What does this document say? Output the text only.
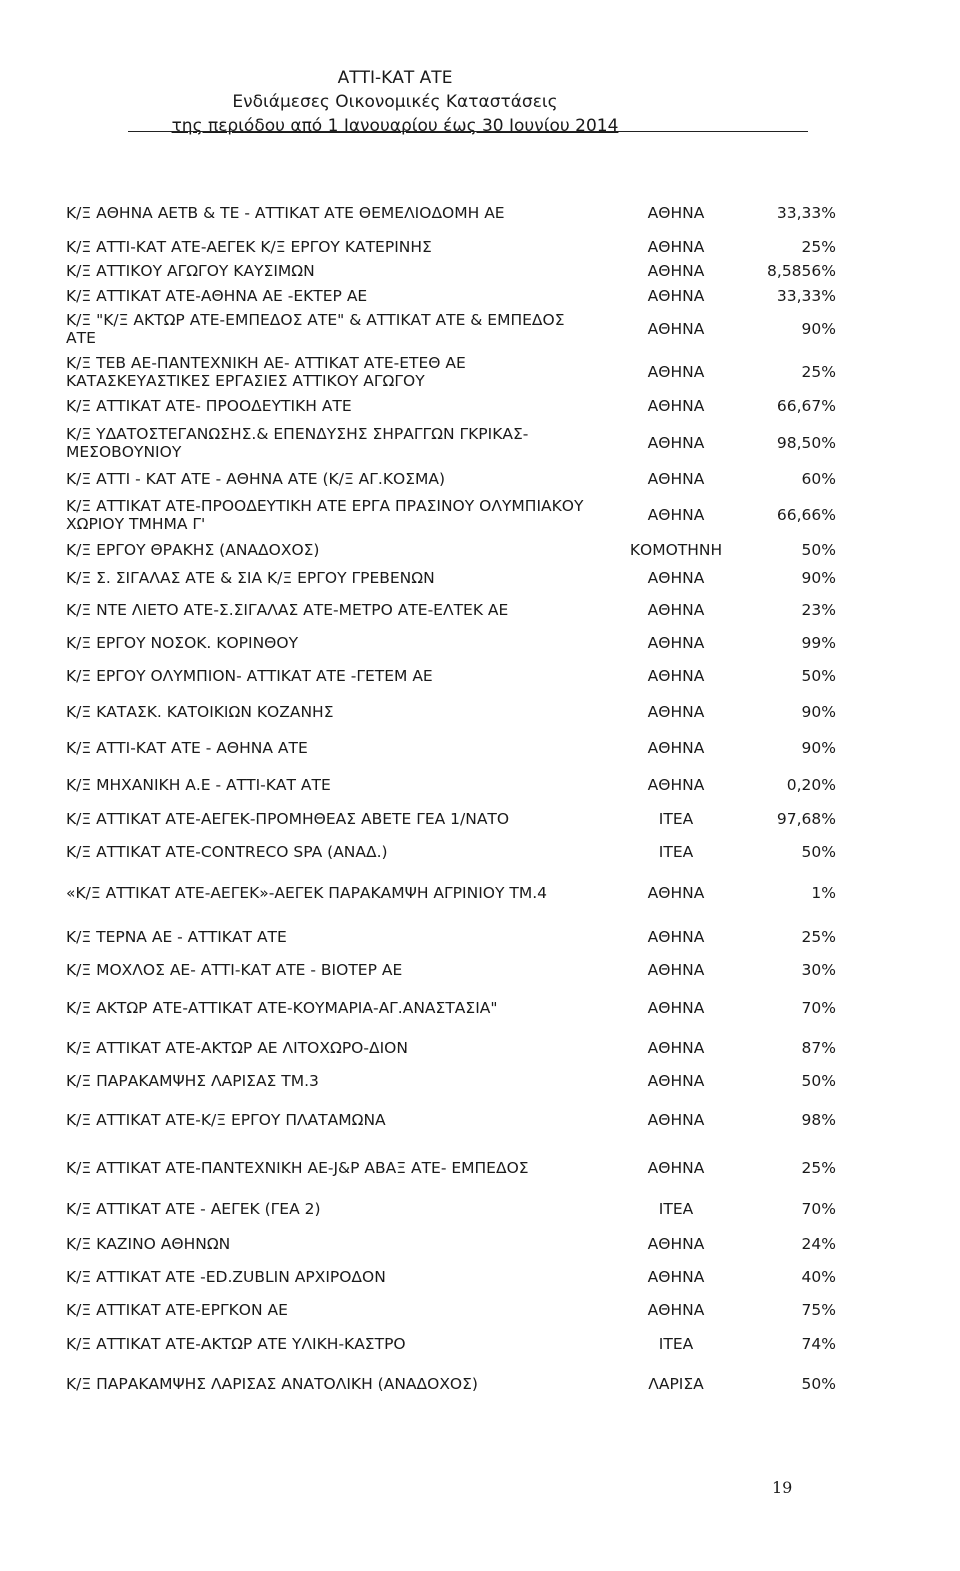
ΑΤΤΙ-ΚΑΤ ΑΤΕ
Ενδιάμεσες Οικονομικές Καταστάσεις
της περιόδου από 1 Ιανουαρίου έως 30 Ιουνίου 2014
Κ/Ξ ΑΘΗΝΑ ΑΕΤΒ & ΤΕ - ΑΤΤΙΚΑΤ ΑΤΕ ΘΕΜΕΛΙΟΔΟΜΗ ΑΕ	ΑΘΗΝΑ	33,33%
Κ/Ξ ΑΤΤΙ-ΚΑΤ ΑΤΕ-ΑΕΓΕΚ Κ/Ξ ΕΡΓΟΥ ΚΑΤΕΡΙΝΗΣ	ΑΘΗΝΑ	25%
Κ/Ξ ΑΤΤΙΚΟΥ ΑΓΩΓΟΥ ΚΑΥΣΙΜΩΝ	ΑΘΗΝΑ	8,5856%
Κ/Ξ ΑΤΤΙΚΑΤ ΑΤΕ-ΑΘΗΝΑ ΑΕ -ΕΚΤΕΡ ΑΕ	ΑΘΗΝΑ	33,33%
Κ/Ξ "Κ/Ξ ΑΚΤΩΡ ΑΤΕ-ΕΜΠΕΔΟΣ ΑΤΕ" & ΑΤΤΙΚΑΤ ΑΤΕ & ΕΜΠΕΔΟΣ ΑΤΕ	ΑΘΗΝΑ	90%
Κ/Ξ ΤΕΒ ΑΕ-ΠΑΝΤΕΧΝΙΚΗ ΑΕ- ΑΤΤΙΚΑΤ ΑΤΕ-ΕΤΕΘ ΑΕ ΚΑΤΑΣΚΕΥΑΣΤΙΚΕΣ ΕΡΓΑΣΙΕΣ ΑΤΤΙΚΟΥ ΑΓΩΓΟΥ	ΑΘΗΝΑ	25%
Κ/Ξ ΑΤΤΙΚΑΤ ΑΤΕ- ΠΡΟΟΔΕΥΤΙΚΗ ΑΤΕ	ΑΘΗΝΑ	66,67%
Κ/Ξ ΥΔΑΤΟΣΤΕΓΑΝΩΣΗΣ.& ΕΠΕΝΔΥΣΗΣ ΣΗΡΑΓΓΩΝ ΓΚΡΙΚΑΣ-ΜΕΣΟΒΟΥΝΙΟΥ	ΑΘΗΝΑ	98,50%
Κ/Ξ ΑΤΤΙ - ΚΑΤ ΑΤΕ - ΑΘΗΝΑ ΑΤΕ (Κ/Ξ ΑΓ.ΚΟΣΜΑ)	ΑΘΗΝΑ	60%
Κ/Ξ ΑΤΤΙΚΑΤ ΑΤΕ-ΠΡΟΟΔΕΥΤΙΚΗ ΑΤΕ ΕΡΓΑ ΠΡΑΣΙΝΟΥ ΟΛΥΜΠΙΑΚΟΥ ΧΩΡΙΟΥ ΤΜΗΜΑ Γ'	ΑΘΗΝΑ	66,66%
Κ/Ξ ΕΡΓΟΥ ΘΡΑΚΗΣ (ΑΝΑΔΟΧΟΣ)	ΚΟΜΟΤΗΝΗ	50%
Κ/Ξ Σ. ΣΙΓΑΛΑΣ ΑΤΕ & ΣΙΑ Κ/Ξ ΕΡΓΟΥ ΓΡΕΒΕΝΩΝ	ΑΘΗΝΑ	90%
Κ/Ξ ΝΤΕ ΛΙΕΤΟ ΑΤΕ-Σ.ΣΙΓΑΛΑΣ ΑΤΕ-ΜΕΤΡΟ ΑΤΕ-ΕΛΤΕΚ ΑΕ	ΑΘΗΝΑ	23%
Κ/Ξ ΕΡΓΟΥ ΝΟΣΟΚ. ΚΟΡΙΝΘΟΥ	ΑΘΗΝΑ	99%
Κ/Ξ ΕΡΓΟΥ ΟΛΥΜΠΙΟΝ- ΑΤΤΙΚΑΤ ΑΤΕ -ΓΕΤΕΜ ΑΕ	ΑΘΗΝΑ	50%
Κ/Ξ ΚΑΤΑΣΚ. ΚΑΤΟΙΚΙΩΝ ΚΟΖΑΝΗΣ	ΑΘΗΝΑ	90%
Κ/Ξ ΑΤΤΙ-ΚΑΤ ΑΤΕ - ΑΘΗΝΑ ΑΤΕ	ΑΘΗΝΑ	90%
Κ/Ξ ΜΗΧΑΝΙΚΗ Α.Ε - ΑΤΤΙ-ΚΑΤ ΑΤΕ	ΑΘΗΝΑ	0,20%
Κ/Ξ ΑΤΤΙΚΑΤ ΑΤΕ-ΑΕΓΕΚ-ΠΡΟΜΗΘΕΑΣ ΑΒΕΤΕ ΓΕΑ 1/ΝΑΤΟ	ΙΤΕΑ	97,68%
Κ/Ξ ΑΤΤΙΚΑΤ ΑΤΕ-CONTRECO SPA (ΑΝΑΔ.)	ΙΤΕΑ	50%
«Κ/Ξ ΑΤΤΙΚΑΤ ΑΤΕ-ΑΕΓΕΚ»-ΑΕΓΕΚ ΠΑΡΑΚΑΜΨΗ ΑΓΡΙΝΙΟΥ ΤΜ.4	ΑΘΗΝΑ	1%
Κ/Ξ ΤΕΡΝΑ ΑΕ - ΑΤΤΙΚΑΤ ΑΤΕ	ΑΘΗΝΑ	25%
Κ/Ξ ΜΟΧΛΟΣ ΑΕ- ΑΤΤΙ-ΚΑΤ ΑΤΕ - ΒΙΟΤΕΡ ΑΕ	ΑΘΗΝΑ	30%
Κ/Ξ ΑΚΤΩΡ ΑΤΕ-ΑΤΤΙΚΑΤ ΑΤΕ-ΚΟΥΜΑΡΙΑ-ΑΓ.ΑΝΑΣΤΑΣΙΑ"	ΑΘΗΝΑ	70%
Κ/Ξ ΑΤΤΙΚΑΤ ΑΤΕ-ΑΚΤΩΡ ΑΕ ΛΙΤΟΧΩΡΟ-ΔΙΟΝ	ΑΘΗΝΑ	87%
Κ/Ξ ΠΑΡΑΚΑΜΨΗΣ ΛΑΡΙΣΑΣ ΤΜ.3	ΑΘΗΝΑ	50%
Κ/Ξ ΑΤΤΙΚΑΤ ΑΤΕ-Κ/Ξ ΕΡΓΟΥ ΠΛΑΤΑΜΩΝΑ	ΑΘΗΝΑ	98%
Κ/Ξ ΑΤΤΙΚΑΤ ΑΤΕ-ΠΑΝΤΕΧΝΙΚΗ ΑΕ-J&P ΑΒΑΞ ΑΤΕ- ΕΜΠΕΔΟΣ	ΑΘΗΝΑ	25%
Κ/Ξ ΑΤΤΙΚΑΤ ΑΤΕ - ΑΕΓΕΚ (ΓΕΑ 2)	ΙΤΕΑ	70%
Κ/Ξ ΚΑΖΙΝΟ ΑΘΗΝΩΝ	ΑΘΗΝΑ	24%
Κ/Ξ ΑΤΤΙΚΑΤ ΑΤΕ -ED.ZUBLIN ΑΡΧΙΡΟΔΟΝ	ΑΘΗΝΑ	40%
Κ/Ξ ΑΤΤΙΚΑΤ ΑΤΕ-ΕΡΓΚΟΝ ΑΕ	ΑΘΗΝΑ	75%
Κ/Ξ ΑΤΤΙΚΑΤ ΑΤΕ-ΑΚΤΩΡ ΑΤΕ ΥΛΙΚΗ-ΚΑΣΤΡΟ	ΙΤΕΑ	74%
Κ/Ξ ΠΑΡΑΚΑΜΨΗΣ ΛΑΡΙΣΑΣ ΑΝΑΤΟΛΙΚΗ (ΑΝΑΔΟΧΟΣ)	ΛΑΡΙΣΑ	50%
19
